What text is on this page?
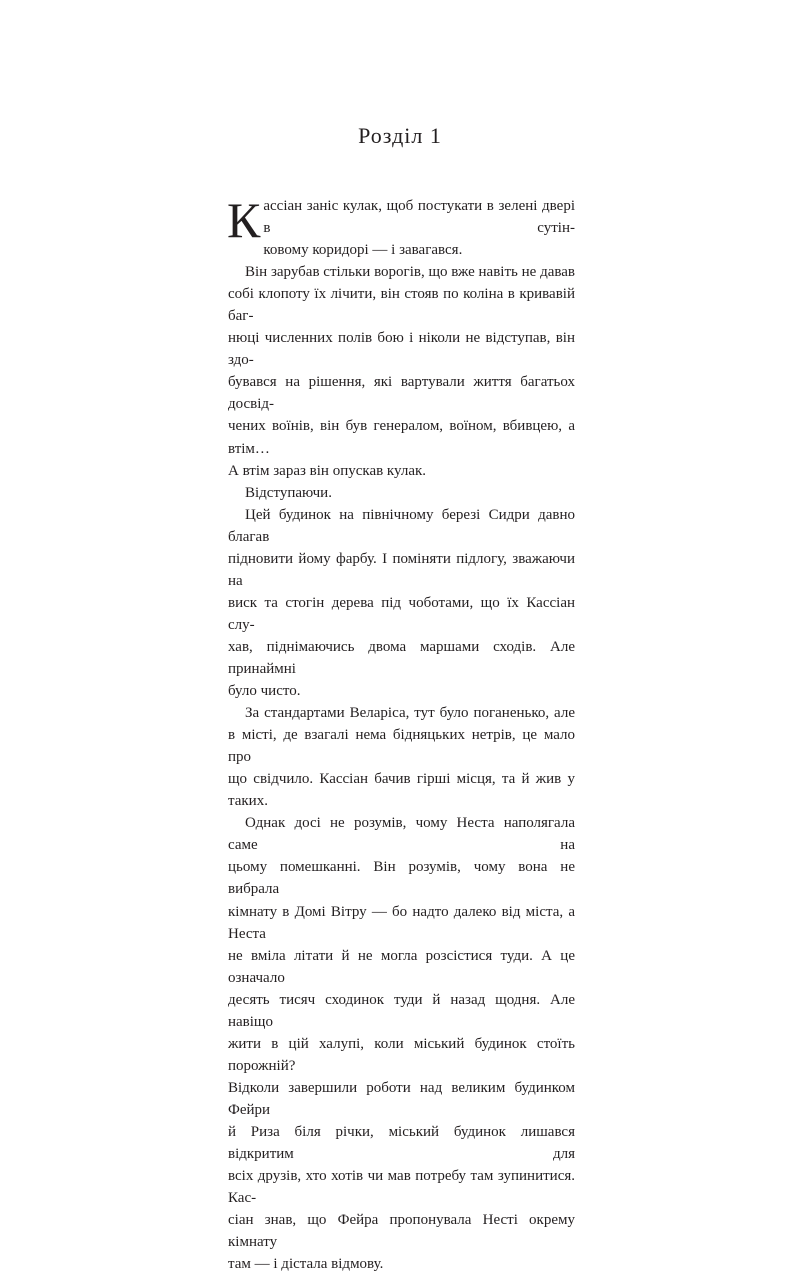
Розділ 1
К ассіан заніс кулак, щоб постукати в зелені двері в сутін-
ковому коридорі — і завагався.
Він зарубав стільки ворогів, що вже навіть не давав
собі клопоту їх лічити, він стояв по коліна в кривавій баг-
нюці численних полів бою і ніколи не відступав, він здо-
бувався на рішення, які вартували життя багатьох досвід-
чених воїнів, він був генералом, воїном, вбивцею, а втім…
А втім зараз він опускав кулак.
Відступаючи.
Цей будинок на північному березі Сидри давно благав
підновити йому фарбу. І поміняти підлогу, зважаючи на
виск та стогін дерева під чоботами, що їх Кассіан слу-
хав, піднімаючись двома маршами сходів. Але принаймні
було чисто.
За стандартами Веларіса, тут було поганенько, але
в місті, де взагалі нема бідняцьких нетрів, це мало про
що свідчило. Кассіан бачив гірші місця, та й жив у таких.
Однак досі не розумів, чому Неста наполягала саме на
цьому помешканні. Він розумів, чому вона не вибрала
кімнату в Домі Вітру — бо надто далеко від міста, а Неста
не вміла літати й не могла розсістися туди. А це означало
десять тисяч сходинок туди й назад щодня. Але навіщо
жити в цій халупі, коли міський будинок стоїть порожній?
Відколи завершили роботи над великим будинком Фейри
й Риза біля річки, міський будинок лишався відкритим для
всіх друзів, хто хотів чи мав потребу там зупинитися. Кас-
сіан знав, що Фейра пропонувала Несті окрему кімнату
там — і дістала відмову.
